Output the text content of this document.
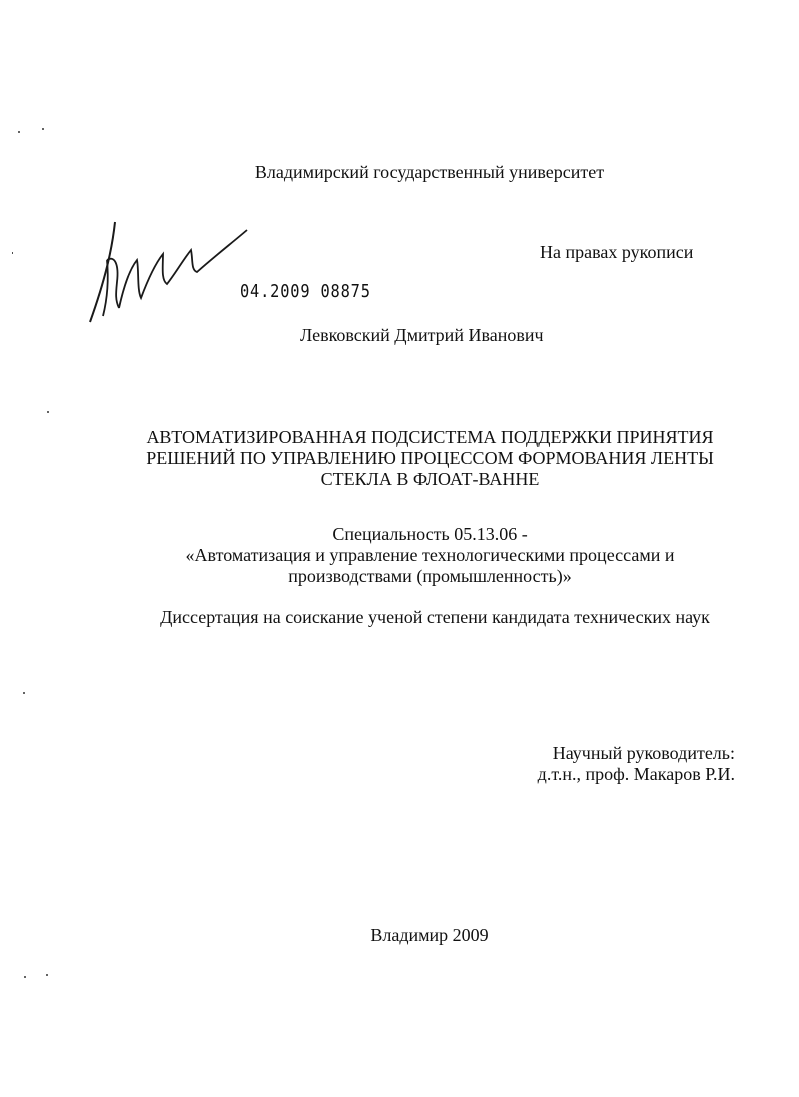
Владимирский государственный университет
На правах рукописи
04.2009 08875
Левковский Дмитрий Иванович
АВТОМАТИЗИРОВАННАЯ ПОДСИСТЕМА ПОДДЕРЖКИ ПРИНЯТИЯ
РЕШЕНИЙ ПО УПРАВЛЕНИЮ ПРОЦЕССОМ ФОРМОВАНИЯ ЛЕНТЫ
СТЕКЛА В ФЛОАТ-ВАННЕ
Специальность 05.13.06 -
«Автоматизация и управление технологическими процессами и
производствами (промышленность)»
Диссертация на соискание ученой степени кандидата технических наук
Научный руководитель:
д.т.н., проф. Макаров Р.И.
Владимир 2009
